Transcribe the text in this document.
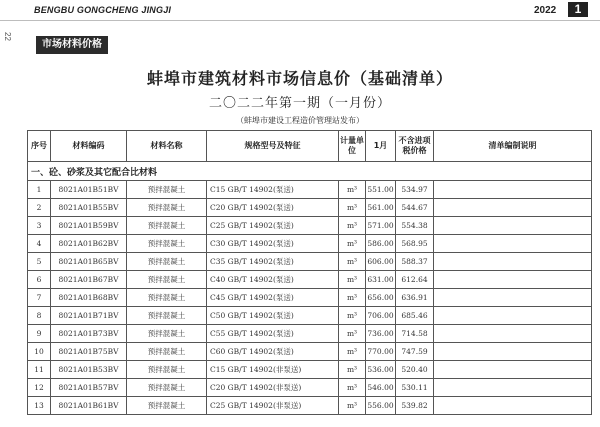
BENGBU GONGCHENG JINGJI	2022	1
22
市场材料价格
蚌埠市建筑材料市场信息价（基础清单）
二〇二二年第一期（一月份）
（蚌埠市建设工程造价管理站发布）
序号	材料编码	材料名称	规格型号及特征	计量单位	1月	不含进项税价格	清单编制说明
一、砼、砂浆及其它配合比材料							
1	8021A01B51BV	预拌混凝土	C15 GB/T 14902(泵送)	m³	551.00	534.97	
2	8021A01B55BV	预拌混凝土	C20 GB/T 14902(泵送)	m³	561.00	544.67	
3	8021A01B59BV	预拌混凝土	C25 GB/T 14902(泵送)	m³	571.00	554.38	
4	8021A01B62BV	预拌混凝土	C30 GB/T 14902(泵送)	m³	586.00	568.95	
5	8021A01B65BV	预拌混凝土	C35 GB/T 14902(泵送)	m³	606.00	588.37	
6	8021A01B67BV	预拌混凝土	C40 GB/T 14902(泵送)	m³	631.00	612.64	
7	8021A01B68BV	预拌混凝土	C45 GB/T 14902(泵送)	m³	656.00	636.91	
8	8021A01B71BV	预拌混凝土	C50 GB/T 14902(泵送)	m³	706.00	685.46	
9	8021A01B73BV	预拌混凝土	C55 GB/T 14902(泵送)	m³	736.00	714.58	
10	8021A01B75BV	预拌混凝土	C60 GB/T 14902(泵送)	m³	770.00	747.59	
11	8021A01B53BV	预拌混凝土	C15 GB/T 14902(非泵送)	m³	536.00	520.40	
12	8021A01B57BV	预拌混凝土	C20 GB/T 14902(非泵送)	m³	546.00	530.11	
13	8021A01B61BV	预拌混凝土	C25 GB/T 14902(非泵送)	m³	556.00	539.82	
